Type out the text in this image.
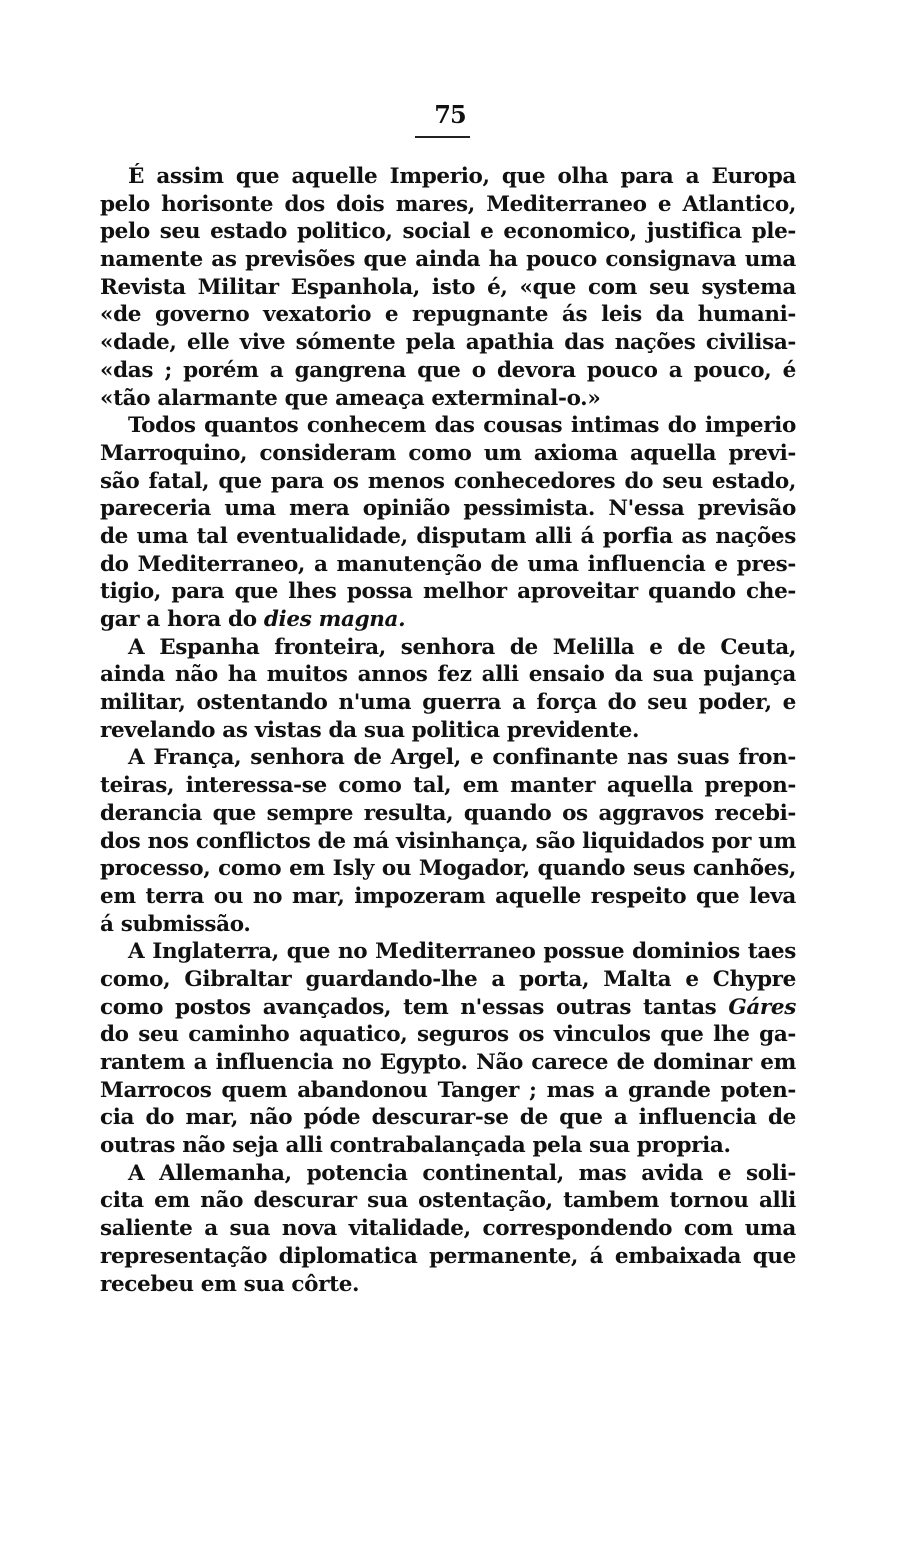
75
É assim que aquelle Imperio, que olha para a Europa
pelo horisonte dos dois mares, Mediterraneo e Atlantico,
pelo seu estado politico, social e economico, justifica ple-
namente as previsões que ainda ha pouco consignava uma
Revista Militar Espanhola, isto é, «que com seu systema
«de governo vexatorio e repugnante ás leis da humani-
«dade, elle vive sómente pela apathia das nações civilisa-
«das ; porém a gangrena que o devora pouco a pouco, é
«tão alarmante que ameaça exterminal-o.»
Todos quantos conhecem das cousas intimas do imperio
Marroquino, consideram como um axioma aquella previ-
são fatal, que para os menos conhecedores do seu estado,
pareceria uma mera opinião pessimista. N'essa previsão
de uma tal eventualidade, disputam alli á porfia as nações
do Mediterraneo, a manutenção de uma influencia e pres-
tigio, para que lhes possa melhor aproveitar quando che-
gar a hora do dies magna.
A Espanha fronteira, senhora de Melilla e de Ceuta,
ainda não ha muitos annos fez alli ensaio da sua pujança
militar, ostentando n'uma guerra a força do seu poder, e
revelando as vistas da sua politica previdente.
A França, senhora de Argel, e confinante nas suas fron-
teiras, interessa-se como tal, em manter aquella prepon-
derancia que sempre resulta, quando os aggravos recebi-
dos nos conflictos de má visinhança, são liquidados por um
processo, como em Isly ou Mogador, quando seus canhões,
em terra ou no mar, impozeram aquelle respeito que leva
á submissão.
A Inglaterra, que no Mediterraneo possue dominios taes
como, Gibraltar guardando-lhe a porta, Malta e Chypre
como postos avançados, tem n'essas outras tantas Gáres
do seu caminho aquatico, seguros os vinculos que lhe ga-
rantem a influencia no Egypto. Não carece de dominar em
Marrocos quem abandonou Tanger ; mas a grande poten-
cia do mar, não póde descurar-se de que a influencia de
outras não seja alli contrabalançada pela sua propria.
A Allemanha, potencia continental, mas avida e soli-
cita em não descurar sua ostentação, tambem tornou alli
saliente a sua nova vitalidade, correspondendo com uma
representação diplomatica permanente, á embaixada que
recebeu em sua côrte.
